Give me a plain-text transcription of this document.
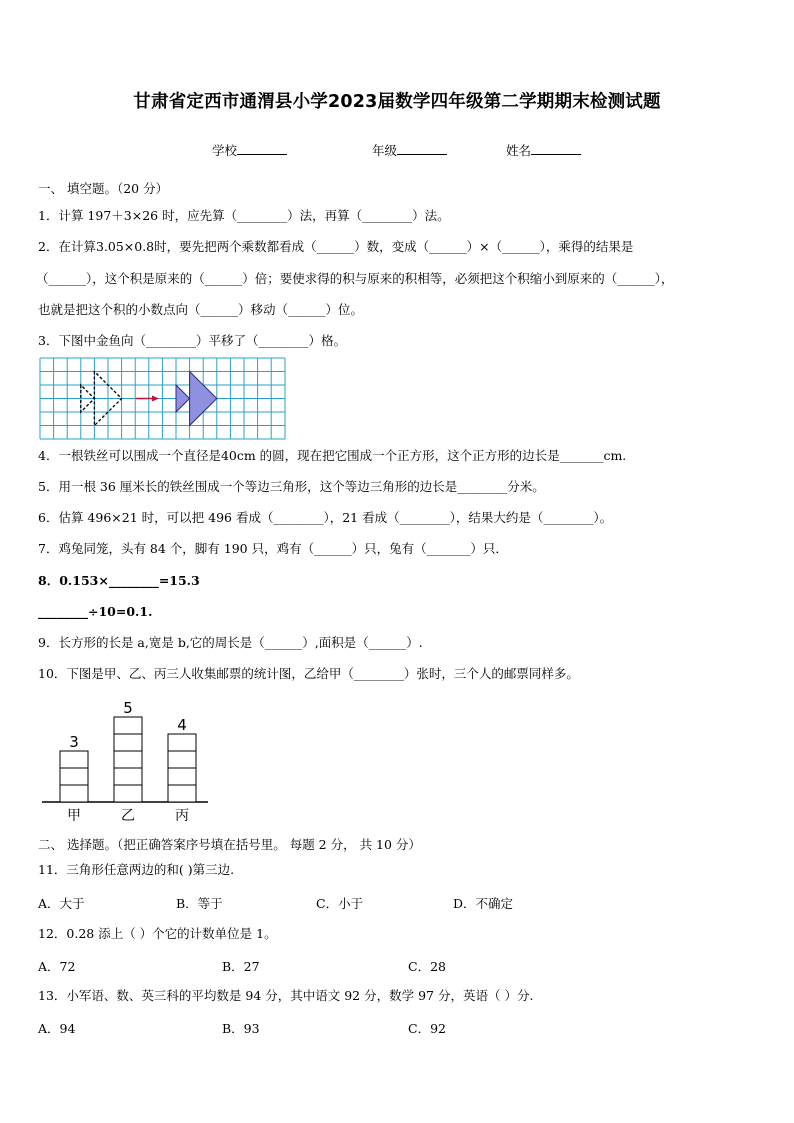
甘肃省定西市通渭县小学2023届数学四年级第二学期期末检测试题
学校	年级	姓名
一、 填空题。（20 分）
1．计算 197＋3×26 时，应先算（________）法，再算（________）法。
2．在计算3.05×0.8时，要先把两个乘数都看成（______）数，变成（______）×（______），乘得的结果是
（______），这个积是原来的（______）倍；要使求得的积与原来的积相等，必须把这个积缩小到原来的（______），
也就是把这个积的小数点向（______）移动（______）位。
3．下图中金鱼向（________）平移了（________）格。
4．一根铁丝可以围成一个直径是40cm 的圆，现在把它围成一个正方形，这个正方形的边长是_______cm.
5．用一根 36 厘米长的铁丝围成一个等边三角形，这个等边三角形的边长是________分米。
6．估算 496×21 时，可以把 496 看成（________），21 看成（________），结果大约是（________）。
7．鸡兔同笼，头有 84 个，脚有 190 只，鸡有（______）只，兔有（_______）只．
8．0.153×________=15.3
________÷10=0.1.
9．长方形的长是 a,宽是 b,它的周长是（______）,面积是（______）.
10．下图是甲、乙、丙三人收集邮票的统计图，乙给甲（________）张时，三个人的邮票同样多。
3
甲
5
乙
4
丙
二、 选择题。（把正确答案序号填在括号里。 每题 2 分， 共 10 分）
11．三角形任意两边的和( )第三边.
A．大于	B．等于	C．小于	D．不确定
12．0.28 添上（ ）个它的计数单位是 1。
A．72	B．27	C．28
13．小军语、数、英三科的平均数是 94 分，其中语文 92 分，数学 97 分，英语（ ）分.
A．94	B．93	C．92
